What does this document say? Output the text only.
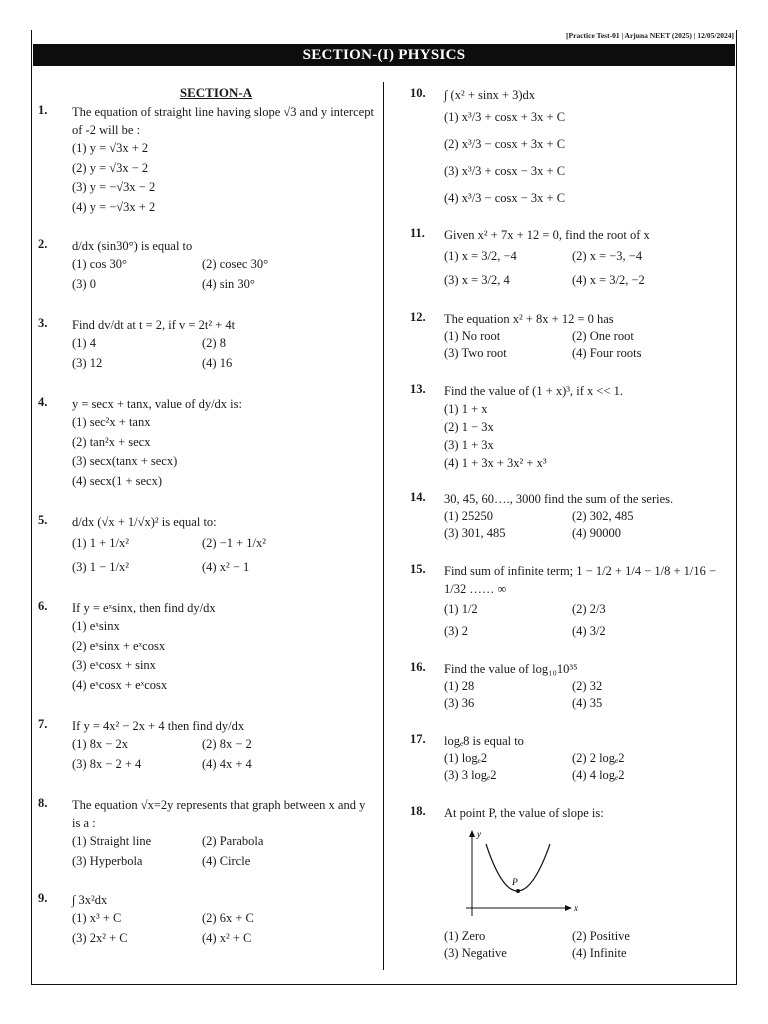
[Practice Test-01 | Arjuna NEET (2025) | 12/05/2024]
SECTION-(I) PHYSICS
SECTION-A
1. The equation of straight line having slope √3 and y intercept of -2 will be :
(1) y = √3x + 2
(2) y = √3x − 2
(3) y = −√3x − 2
(4) y = −√3x + 2
2. d/dx (sin30°) is equal to
(1) cos 30°	(2) cosec 30°
(3) 0	(4) sin 30°
3. Find dv/dt at t = 2, if v = 2t² + 4t
(1) 4	(2) 8
(3) 12	(4) 16
4. y = secx + tanx, value of dy/dx is:
(1) sec²x + tanx
(2) tan²x + secx
(3) secx(tanx + secx)
(4) secx(1 + secx)
5. d/dx (√x + 1/√x)² is equal to:
(1) 1 + 1/x²	(2) −1 + 1/x²
(3) 1 − 1/x²	(4) x² − 1
6. If y = eˣsinx, then find dy/dx
(1) eˣsinx
(2) eˣsinx + eˣcosx
(3) eˣcosx + sinx
(4) eˣcosx + eˣcosx
7. If y = 4x² − 2x + 4 then find dy/dx
(1) 8x − 2x	(2) 8x − 2
(3) 8x − 2 + 4	(4) 4x + 4
8. The equation √x=2y represents that graph between x and y is a :
(1) Straight line	(2) Parabola
(3) Hyperbola	(4) Circle
9. ∫ 3x²dx
(1) x³ + C	(2) 6x + C
(3) 2x² + C	(4) x² + C
10. ∫ (x² + sinx + 3)dx
(1) x³/3 + cosx + 3x + C
(2) x³/3 − cosx + 3x + C
(3) x³/3 + cosx − 3x + C
(4) x³/3 − cosx − 3x + C
11. Given x² + 7x + 12 = 0, find the root of x
(1) x = 3/2, −4	(2) x = −3, −4
(3) x = 3/2, 4	(4) x = 3/2, −2
12. The equation x² + 8x + 12 = 0 has
(1) No root	(2) One root
(3) Two root	(4) Four roots
13. Find the value of (1 + x)³, if x << 1.
(1) 1 + x
(2) 1 − 3x
(3) 1 + 3x
(4) 1 + 3x + 3x² + x³
14. 30, 45, 60…., 3000 find the sum of the series.
(1) 25250	(2) 302, 485
(3) 301, 485	(4) 90000
15. Find sum of infinite term; 1 − 1/2 + 1/4 − 1/8 + 1/16 − 1/32 …… ∞
(1) 1/2	(2) 2/3
(3) 2	(4) 3/2
16. Find the value of log₁₀10³⁵
(1) 28	(2) 32
(3) 36	(4) 35
17. logₑ8 is equal to
(1) logₑ2	(2) 2 logₑ2
(3) 3 logₑ2	(4) 4 logₑ2
18. At point P, the value of slope is:
y
x
P
(1) Zero	(2) Positive
(3) Negative	(4) Infinite
